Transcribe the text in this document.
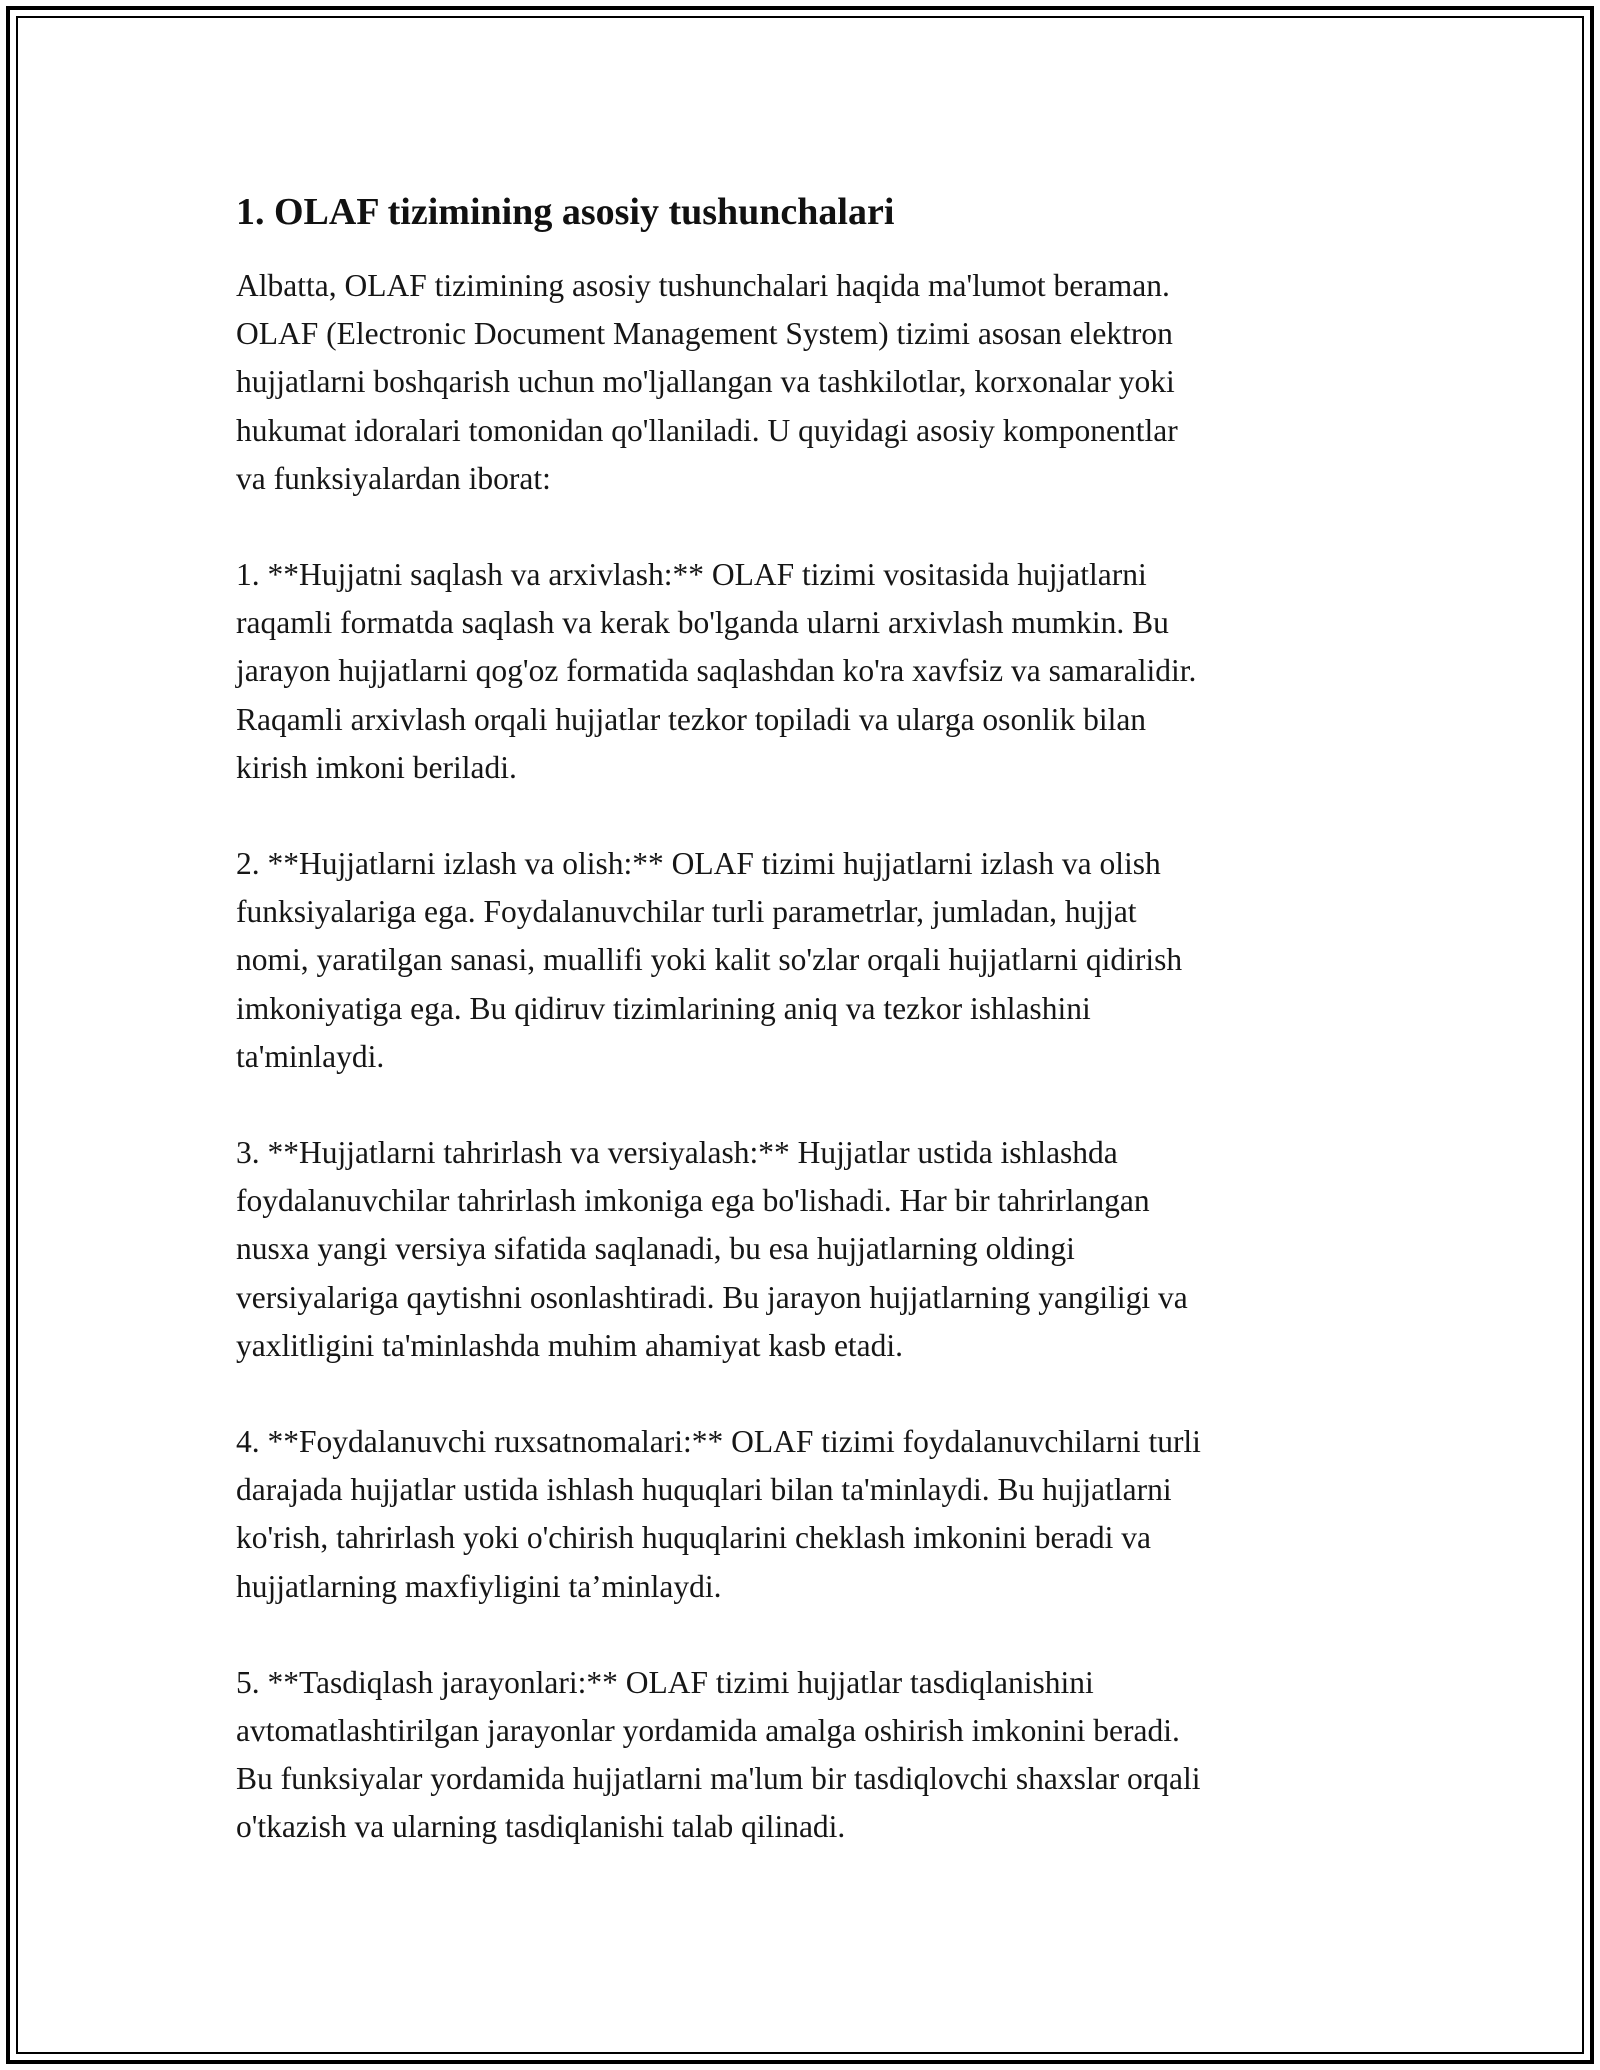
1. OLAF tizimining asosiy tushunchalari
Albatta, OLAF tizimining asosiy tushunchalari haqida ma'lumot beraman.
OLAF (Electronic Document Management System) tizimi asosan elektron
hujjatlarni boshqarish uchun mo'ljallangan va tashkilotlar, korxonalar yoki
hukumat idoralari tomonidan qo'llaniladi. U quyidagi asosiy komponentlar
va funksiyalardan iborat:
1. **Hujjatni saqlash va arxivlash:** OLAF tizimi vositasida hujjatlarni
raqamli formatda saqlash va kerak bo'lganda ularni arxivlash mumkin. Bu
jarayon hujjatlarni qog'oz formatida saqlashdan ko'ra xavfsiz va samaralidir.
Raqamli arxivlash orqali hujjatlar tezkor topiladi va ularga osonlik bilan
kirish imkoni beriladi.
2. **Hujjatlarni izlash va olish:** OLAF tizimi hujjatlarni izlash va olish
funksiyalariga ega. Foydalanuvchilar turli parametrlar, jumladan, hujjat
nomi, yaratilgan sanasi, muallifi yoki kalit so'zlar orqali hujjatlarni qidirish
imkoniyatiga ega. Bu qidiruv tizimlarining aniq va tezkor ishlashini
ta'minlaydi.
3. **Hujjatlarni tahrirlash va versiyalash:** Hujjatlar ustida ishlashda
foydalanuvchilar tahrirlash imkoniga ega bo'lishadi. Har bir tahrirlangan
nusxa yangi versiya sifatida saqlanadi, bu esa hujjatlarning oldingi
versiyalariga qaytishni osonlashtiradi. Bu jarayon hujjatlarning yangiligi va
yaxlitligini ta'minlashda muhim ahamiyat kasb etadi.
4. **Foydalanuvchi ruxsatnomalari:** OLAF tizimi foydalanuvchilarni turli
darajada hujjatlar ustida ishlash huquqlari bilan ta'minlaydi. Bu hujjatlarni
ko'rish, tahrirlash yoki o'chirish huquqlarini cheklash imkonini beradi va
hujjatlarning maxfiyligini ta’minlaydi.
5. **Tasdiqlash jarayonlari:** OLAF tizimi hujjatlar tasdiqlanishini
avtomatlashtirilgan jarayonlar yordamida amalga oshirish imkonini beradi.
Bu funksiyalar yordamida hujjatlarni ma'lum bir tasdiqlovchi shaxslar orqali
o'tkazish va ularning tasdiqlanishi talab qilinadi.
